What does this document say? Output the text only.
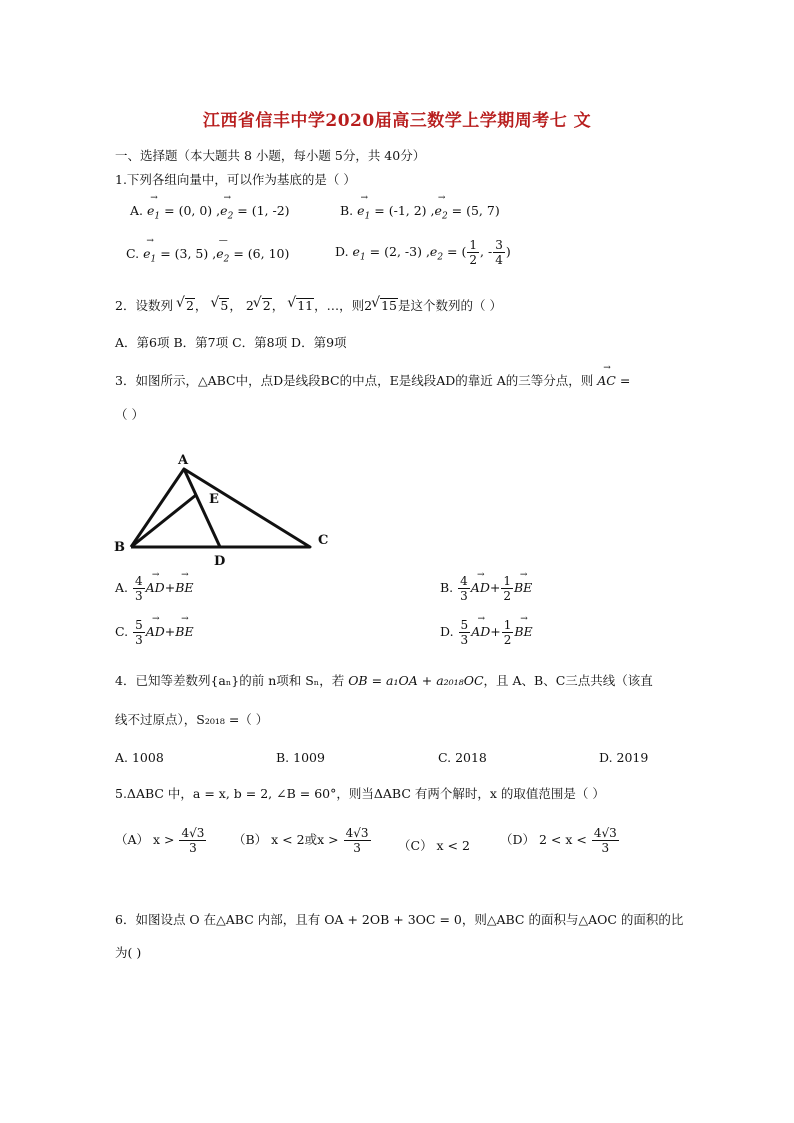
江西省信丰中学2020届高三数学上学期周考七 文
一、选择题（本大题共 8 小题，每小题 5分，共 40分）
1.下列各组向量中，可以作为基底的是（ ）
A. $e_1$
→
= (0, 0) $,e_2$
→
= (1, -2)	B. $e_1$
→
= (-1, 2) $,e_2$
→
= (5, 7)
C. $e_1$
→
= (3, 5) $,e_2$
—
= (6, 10)	D. $e_1 = (2$, -3) $,e_2$ = ( $\frac{1}{2}$ , - $\frac{3}{4}$ )
2．设数列 √ 2， √ 5， 2 √ 2， √ 11，…，则2 √ 15是这个数列的（ ）
A．第6项 B．第7项 C．第8项 D．第9项
3．如图所示，△ABC中，点D是线段BC的中点，E是线段AD的靠近 A的三等分点，则 AC
→
=
（ ）
A
B	C
D
E
A. $\frac{4}{3}$ AD
→
+BE
→
B. $\frac{4}{3}$ AD
→
+ $\frac{1}{2}$ BE
→
C. $\frac{5}{3}$ AD
→
+BE
→
D. $\frac{5}{3}$ AD
→
+ $\frac{1}{2}$ BE
→
4．已知等差数列{aₙ}的前 n项和 Sₙ，若 OB = a₁OA + a₂₀₁₈OC，且 A、B、C三点共线（该直
线不过原点），S₂₀₁₈ =（ ）
A. 1008	B. 1009	C. 2018	D. 2019
5.ΔABC 中，a = x, b = 2, ∠B = 60°，则当ΔABC 有两个解时，x 的取值范围是（ ）
（A） $x > \frac{4√3}{3} (B) x < 2$或$x > \frac{4√3}{3} (C) x < 2$ （D） $2 < x < \frac{4√3}{3}$
6．如图设点 O 在△ABC 内部，且有 OA + 2OB + 3OC = 0，则△ABC 的面积与△AOC 的面积的比
为( )
